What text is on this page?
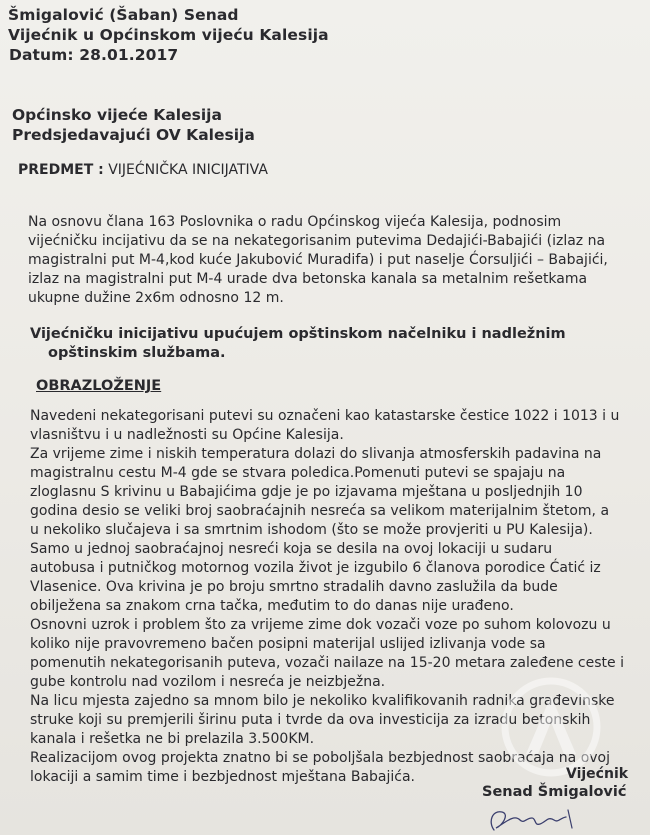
Šmigalović (Šaban) Senad
Vijećnik u Općinskom vijeću Kalesija
Datum: 28.01.2017
Općinsko vijeće Kalesija
Predsjedavajući OV Kalesija
PREDMET : VIJEĆNIČKA INICIJATIVA
Na osnovu člana 163 Poslovnika o radu Općinskog vijeća Kalesija, podnosim
vijećničku incijativu da se na nekategorisanim putevima Dedajići-Babajići (izlaz na
magistralni put M-4,kod kuće Jakubović Muradifa) i put naselje Ćorsuljići – Babajići,
izlaz na magistralni put M-4 urade dva betonska kanala sa metalnim rešetkama
ukupne dužine 2x6m odnosno 12 m.
Vijećničku inicijativu upućujem opštinskom načelniku i nadležnim
opštinskim službama.
OBRAZLOŽENJE
Navedeni nekategorisani putevi su označeni kao katastarske čestice 1022 i 1013 i u
vlasništvu i u nadležnosti su Općine Kalesija.
Za vrijeme zime i niskih temperatura dolazi do slivanja atmosferskih padavina na
magistralnu cestu M-4 gde se stvara poledica.Pomenuti putevi se spajaju na
zloglasnu S krivinu u Babajićima gdje je po izjavama mještana u posljednjih 10
godina desio se veliki broj saobraćajnih nesreća sa velikom materijalnim štetom, a
u nekoliko slučajeva i sa smrtnim ishodom (što se može provjeriti u PU Kalesija).
Samo u jednoj saobraćajnoj nesreći koja se desila na ovoj lokaciji u sudaru
autobusa i putničkog motornog vozila život je izgubilo 6 članova porodice Ćatić iz
Vlasenice. Ova krivina je po broju smrtno stradalih davno zaslužila da bude
obilježena sa znakom crna tačka, međutim to do danas nije urađeno.
Osnovni uzrok i problem što za vrijeme zime dok vozači voze po suhom kolovozu u
koliko nije pravovremeno bačen posipni materijal uslijed izlivanja vode sa
pomenutih nekategorisanih puteva, vozači nailaze na 15-20 metara zaleđene ceste i
gube kontrolu nad vozilom i nesreća je neizbježna.
Na licu mjesta zajedno sa mnom bilo je nekoliko kvalifikovanih radnika građevinske
struke koji su premjerili širinu puta i tvrde da ova investicija za izradu betonskih
kanala i rešetka ne bi prelazila 3.500KM.
Realizacijom ovog projekta znatno bi se poboljšala bezbjednost saobraćaja na ovoj
lokaciji a samim time i bezbjednost mještana Babajića.	Vijećnik
Senad Šmigalović
